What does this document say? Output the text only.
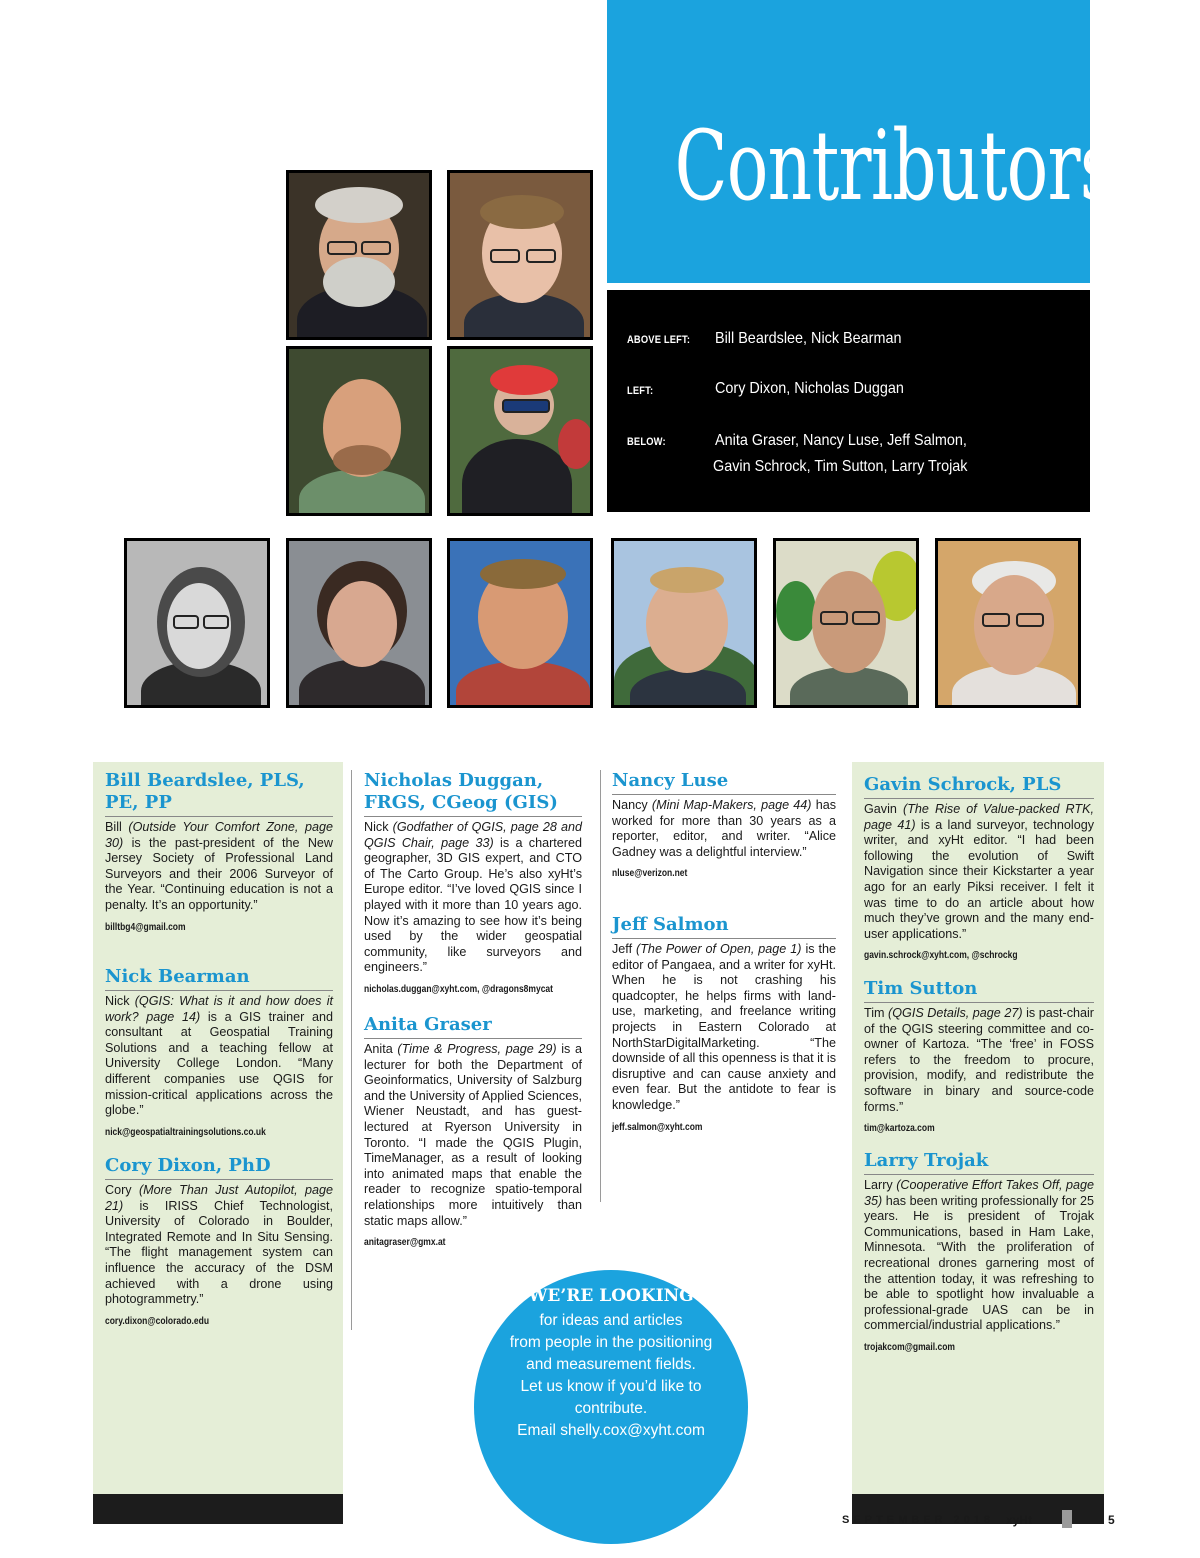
Contributors
ABOVE LEFT: Bill Beardslee, Nick Bearman
LEFT:	Cory Dixon, Nicholas Duggan
BELOW:	Anita Graser, Nancy Luse, Jeff Salmon,
Gavin Schrock, Tim Sutton, Larry Trojak
Bill Beardslee, PLS, PE, PP
Bill (Outside Your Comfort Zone, page 30) is the past-president of the New Jersey Society of Professional Land Surveyors and their 2006 Surveyor of the Year. “Continuing education is not a penalty. It’s an opportunity.”
billtbg4@gmail.com
Nick Bearman
Nick (QGIS: What is it and how does it work? page 14) is a GIS trainer and consultant at Geospatial Training Solutions and a teaching fellow at University College London. “Many different companies use QGIS for mission-critical applications across the globe.”
nick@geospatialtrainingsolutions.co.uk
Cory Dixon, PhD
Cory (More Than Just Autopilot, page 21) is IRISS Chief Technologist, University of Colorado in Boulder, Integrated Remote and In Situ Sensing. “The flight management system can influence the accuracy of the DSM achieved with a drone using photogrammetry.”
cory.dixon@colorado.edu
Nicholas Duggan, FRGS, CGeog (GIS)
Nick (Godfather of QGIS, page 28 and QGIS Chair, page 33) is a chartered geographer, 3D GIS expert, and CTO of The Carto Group. He’s also xyHt’s Europe editor. “I’ve loved QGIS since I played with it more than 10 years ago. Now it’s amazing to see how it’s being used by the wider geospatial community, like surveyors and engineers.”
nicholas.duggan@xyht.com, @dragons8mycat
Anita Graser
Anita (Time & Progress, page 29) is a lecturer for both the Department of Geoinformatics, University of Salzburg and the University of Applied Sciences, Wiener Neustadt, and has guest-lectured at Ryerson University in Toronto. “I made the QGIS Plugin, TimeManager, as a result of looking into animated maps that enable the reader to recognize spatio-temporal relationships more intuitively than static maps allow.”
anitagraser@gmx.at
Nancy Luse
Nancy (Mini Map-Makers, page 44) has worked for more than 30 years as a reporter, editor, and writer. “Alice Gadney was a delightful interview.”
nluse@verizon.net
Jeff Salmon
Jeff (The Power of Open, page 1) is the editor of Pangaea, and a writer for xyHt. When he is not crashing his quadcopter, he helps firms with land-use, marketing, and freelance writing projects in Eastern Colorado at NorthStarDigitalMarketing. “The downside of all this openness is that it is disruptive and can cause anxiety and even fear. But the antidote to fear is knowledge.”
jeff.salmon@xyht.com
Gavin Schrock, PLS
Gavin (The Rise of Value-packed RTK, page 41) is a land surveyor, technology writer, and xyHt editor. “I had been following the evolution of Swift Navigation since their Kickstarter a year ago for an early Piksi receiver. I felt it was time to do an article about how much they’ve grown and the many end-user applications.”
gavin.schrock@xyht.com, @schrockg
Tim Sutton
Tim (QGIS Details, page 27) is past-chair of the QGIS steering committee and co-owner of Kartoza. “The ‘free’ in FOSS refers to the freedom to procure, provision, modify, and redistribute the software in binary and source-code forms.”
tim@kartoza.com
Larry Trojak
Larry (Cooperative Effort Takes Off, page 35) has been writing professionally for 25 years. He is president of Trojak Communications, based in Ham Lake, Minnesota. “With the proliferation of recreational drones garnering most of the attention today, it was refreshing to be able to spotlight how invaluable a professional-grade UAS can be in commercial/industrial applications.”
trojakcom@gmail.com
WE’RE LOOKING
for ideas and articles
from people in the positioning
and measurement fields.
Let us know if you’d like to
contribute.
Email shelly.cox@xyht.com
SEPTEMBER 2018 xyHt	5
